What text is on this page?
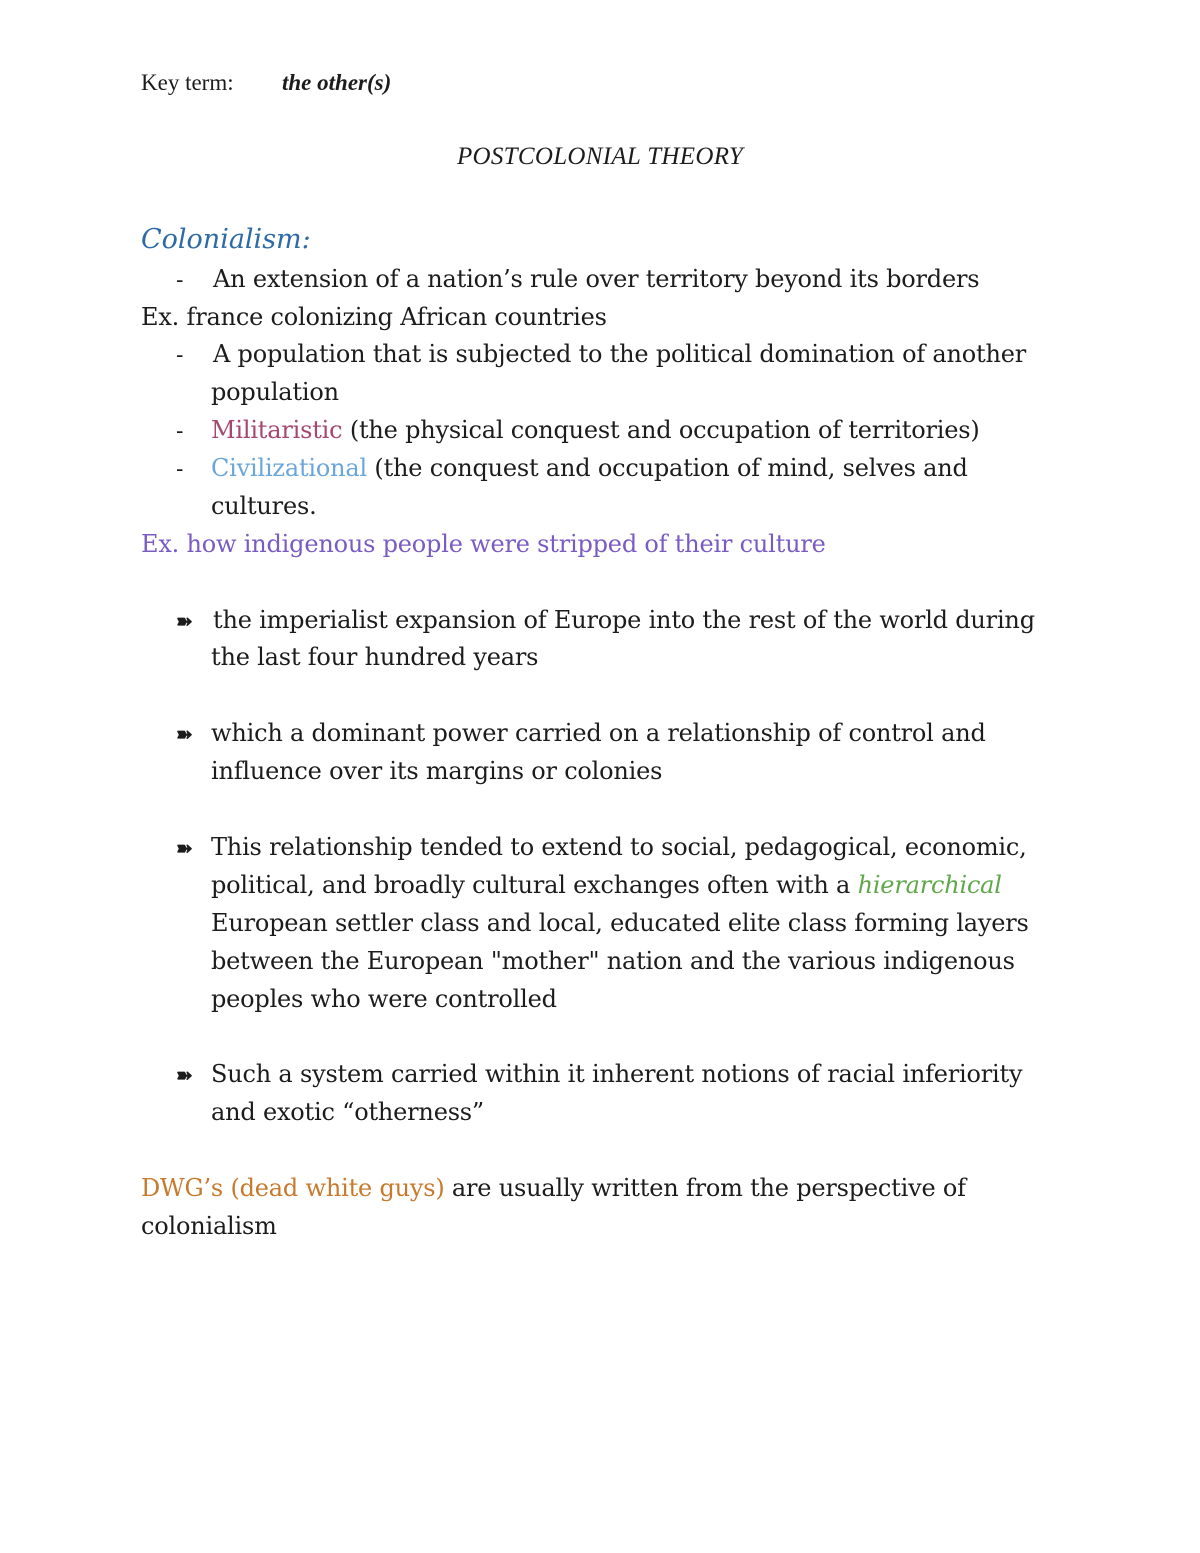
Key term: the other(s)
POSTCOLONIAL THEORY
Colonialism:
- An extension of a nation’s rule over territory beyond its borders
Ex. france colonizing African countries
- A population that is subjected to the political domination of another
population
- Militaristic (the physical conquest and occupation of territories)
- Civilizational (the conquest and occupation of mind, selves and
cultures.
Ex. how indigenous people were stripped of their culture
➽ the imperialist expansion of Europe into the rest of the world during
the last four hundred years
➽ which a dominant power carried on a relationship of control and
influence over its margins or colonies
➽ This relationship tended to extend to social, pedagogical, economic,
political, and broadly cultural exchanges often with a hierarchical
European settler class and local, educated elite class forming layers
between the European "mother" nation and the various indigenous
peoples who were controlled
➽ Such a system carried within it inherent notions of racial inferiority
and exotic “otherness”
DWG’s (dead white guys) are usually written from the perspective of
colonialism
